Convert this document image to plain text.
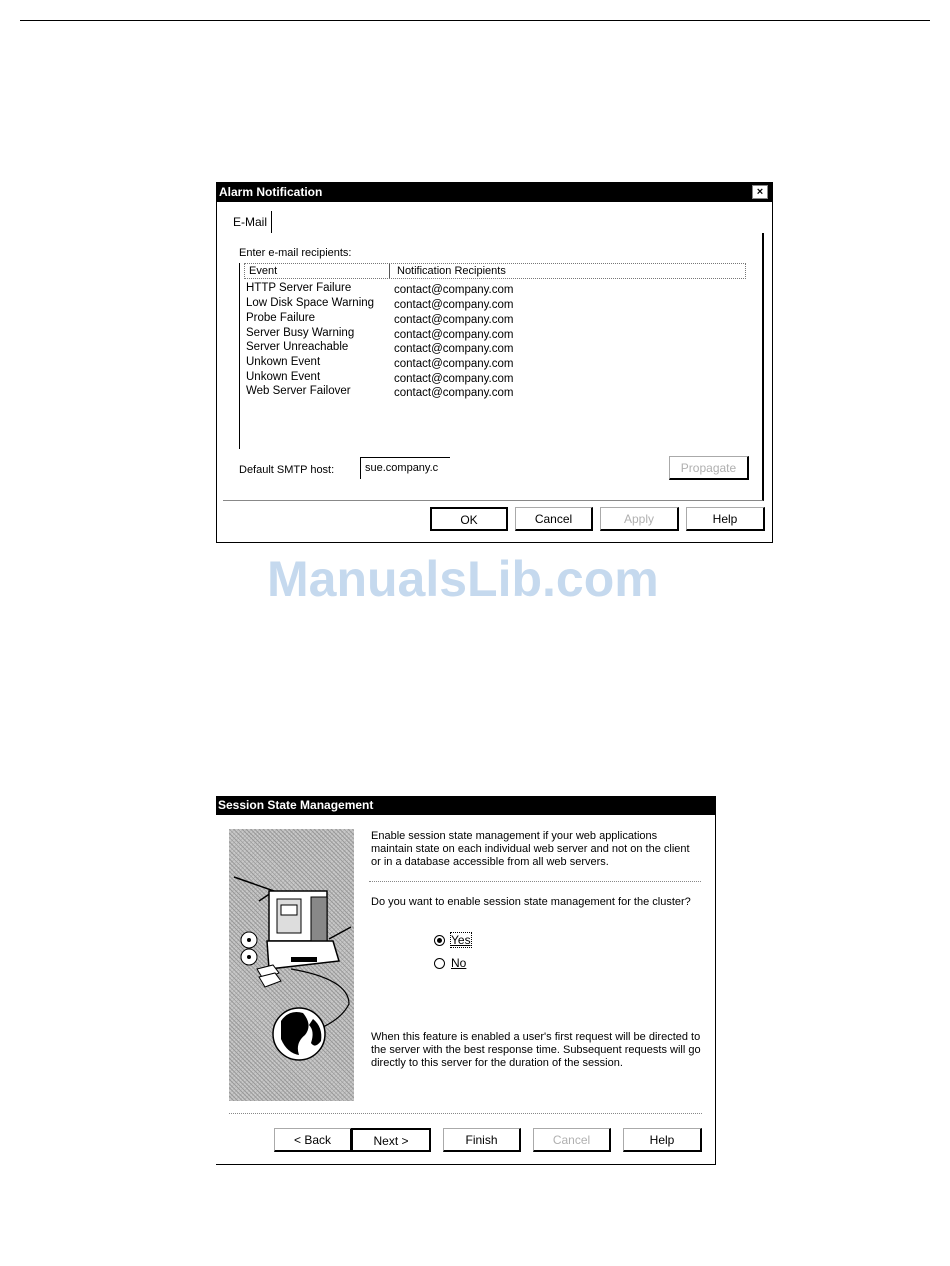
Alarm Notification	×
E-Mail
Enter e-mail recipients:
Event	Notification Recipients
HTTP Server Failure	contact@company.com
Low Disk Space Warning contact@company.com
Probe Failure	contact@company.com
Server Busy Warning	contact@company.com
Server Unreachable	contact@company.com
Unkown Event	contact@company.com
Unkown Event	contact@company.com
Web Server Failover	contact@company.com
Default SMTP host:	sue.company.c	Propagate
OK	Cancel	Apply	Help
ManualsLib.com
Session State Management
Enable session state management if your web applications maintain state on each individual web server and not on the client or in a database accessible from all web servers.
Do you want to enable session state management for the cluster?
Yes
No
When this feature is enabled a user's first request will be directed to the server with the best response time. Subsequent requests will go directly to this server for the duration of the session.
< Back	Next >	Finish	Cancel	Help
